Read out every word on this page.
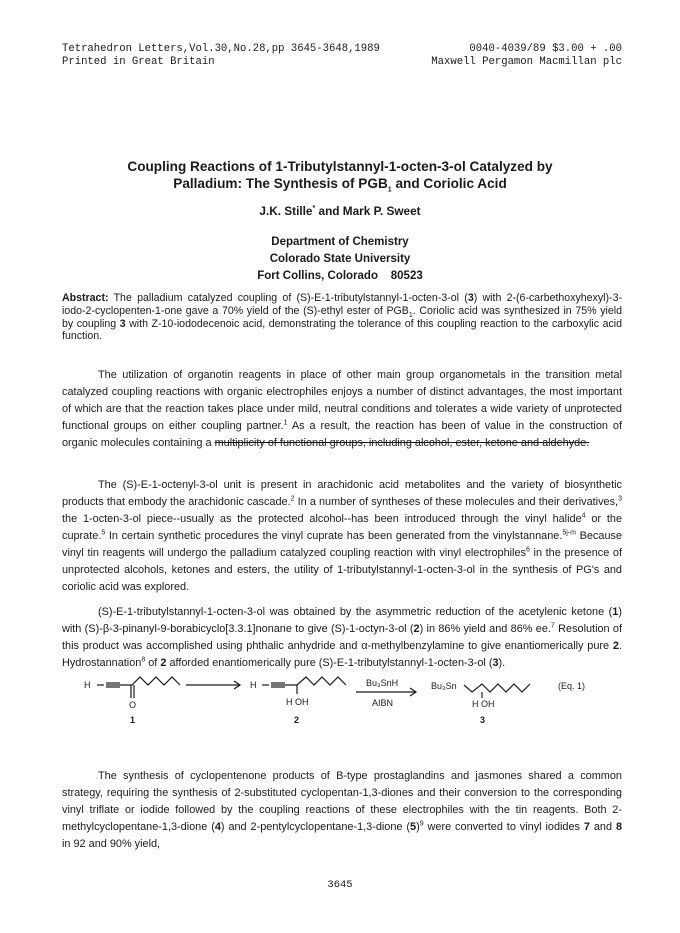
Tetrahedron Letters,Vol.30,No.28,pp 3645-3648,1989	0040-4039/89 $3.00 + .00
Printed in Great Britain	Maxwell Pergamon Macmillan plc
Coupling Reactions of 1-Tributylstannyl-1-octen-3-ol Catalyzed by
Palladium: The Synthesis of $PGB_1$ and Coriolic Acid
J.K. Stille* and Mark P. Sweet
Department of Chemistry
Colorado State University
Fort Collins, Colorado 80523
Abstract: The palladium catalyzed coupling of (S)-E-1-tributylstannyl-1-octen-3-ol (3) with 2-(6-carbethoxyhexyl)-3-iodo-2-cyclopenten-1-one gave a 70% yield of the (S)-ethyl ester of $PGB_1$. Coriolic acid was synthesized in 75% yield by coupling 3 with Z-10-iododecenoic acid, demonstrating the tolerance of this coupling reaction to the carboxylic acid function.

The utilization of organotin reagents in place of other main group organometals in the transition metal catalyzed coupling reactions with organic electrophiles enjoys a number of distinct advantages, the most important of which are that the reaction takes place under mild, neutral conditions and tolerates a wide variety of unprotected functional groups on either coupling partner.$^1$ As a result, the reaction has been of value in the construction of organic molecules containing a multiplicity of functional groups, including alcohol, ester, ketone and aldehyde.

The (S)-E-1-octenyl-3-ol unit is present in arachidonic acid metabolites and the variety of biosynthetic products that embody the arachidonic cascade.$^2$ In a number of syntheses of these molecules and their derivatives,$^3$ the 1-octen-3-ol piece--usually as the protected alcohol--has been introduced through the vinyl halide$^4$ or the cuprate.$^5$ In certain synthetic procedures the vinyl cuprate has been generated from the vinylstannane.$^{5j-m}$ Because vinyl tin reagents will undergo the palladium catalyzed coupling reaction with vinyl electrophiles$^6$ in the presence of unprotected alcohols, ketones and esters, the utility of 1-tributylstannyl-1-octen-3-ol in the synthesis of PG's and coriolic acid was explored.

(S)-E-1-tributylstannyl-1-octen-3-ol was obtained by the asymmetric reduction of the acetylenic ketone (1) with (S)-β-3-pinanyl-9-borabicyclo[3.3.1]nonane to give (S)-1-octyn-3-ol (2) in 86% yield and 86% ee.$^7$ Resolution of this product was accomplished using phthalic anhydride and α-methylbenzylamine to give enantiomerically pure 2. Hydrostannation$^8$ of 2 afforded enantiomerically pure (S)-E-1-tributylstannyl-1-octen-3-ol (3).

H
O
1
H
H OH
2
Bu₃SnH
AIBN
Bu₃Sn
H OH
3
(Eq. 1)

The synthesis of cyclopentenone products of B-type prostaglandins and jasmones shared a common strategy, requiring the synthesis of 2-substituted cyclopentan-1,3-diones and their conversion to the corresponding vinyl triflate or iodide followed by the coupling reactions of these electrophiles with the tin reagents. Both 2-methylcyclopentane-1,3-dione (4) and 2-pentylcyclopentane-1,3-dione $(5)^9$ were converted to vinyl iodides 7 and 8 in 92 and 90% yield,

3645
